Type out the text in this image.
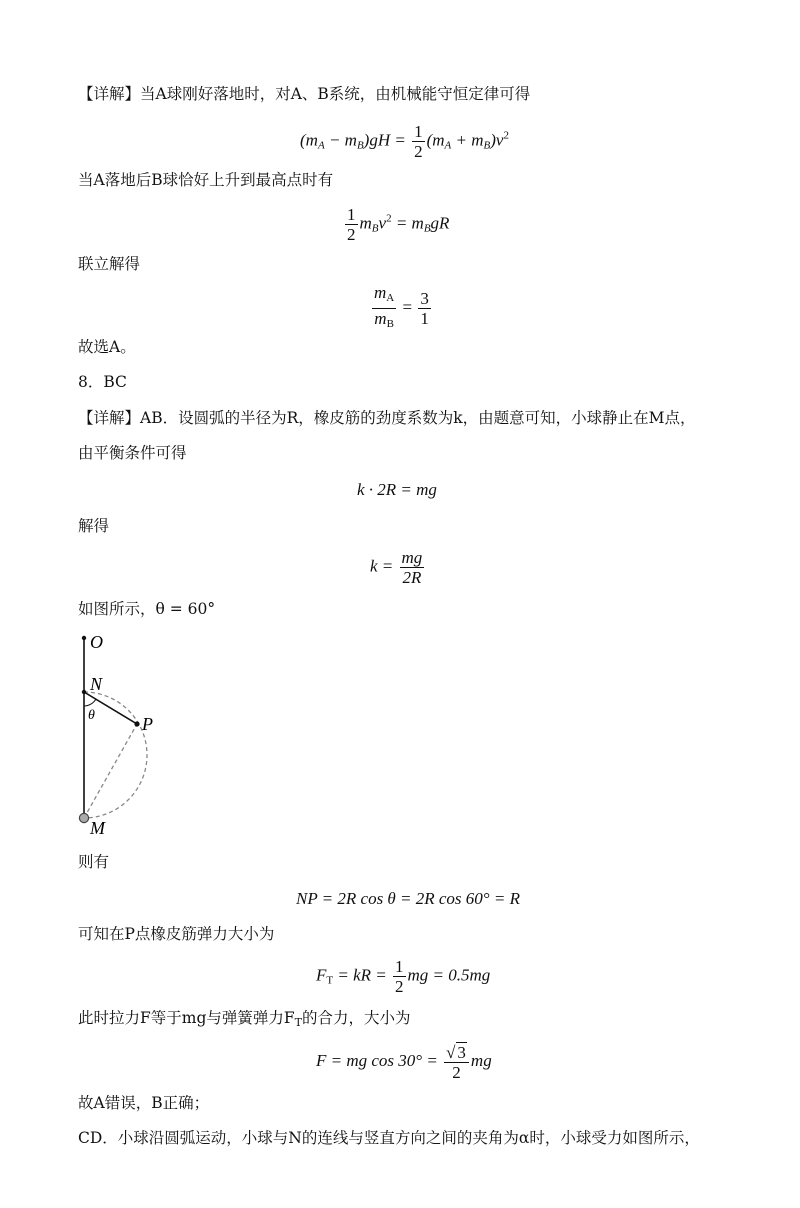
【详解】当A球刚好落地时，对A、B系统，由机械能守恒定律可得
$(m_A - m_B)gH = \frac{1}{2} (m_A + m_B)v^2$
当A落地后B球恰好上升到最高点时有
$\frac{1}{2} m_Bv^2 = m_BgR$
联立解得
$\frac{m_A}{m_B} = \frac{3}{1}$
故选A。
8．BC
【详解】AB．设圆弧的半径为R，橡皮筋的劲度系数为k，由题意可知，小球静止在M点，
由平衡条件可得
k · 2R = mg
解得
$k = \frac{mg}{2R}$
如图所示，θ = 60°
O
N
θ	P
M
则有
NP = 2R cos θ = 2R cos 60° = R
可知在P点橡皮筋弹力大小为
$F_T$ = kR = $\frac{1}{2}$ mg = 0.5mg
此时拉力F等于mg与弹簧弹力$F_T$的合力，大小为
F = mg $\cos 30^\circ = \frac{√ 3}{2}$ mg
故A错误，B正确；
CD．小球沿圆弧运动，小球与N的连线与竖直方向之间的夹角为α时，小球受力如图所示，
